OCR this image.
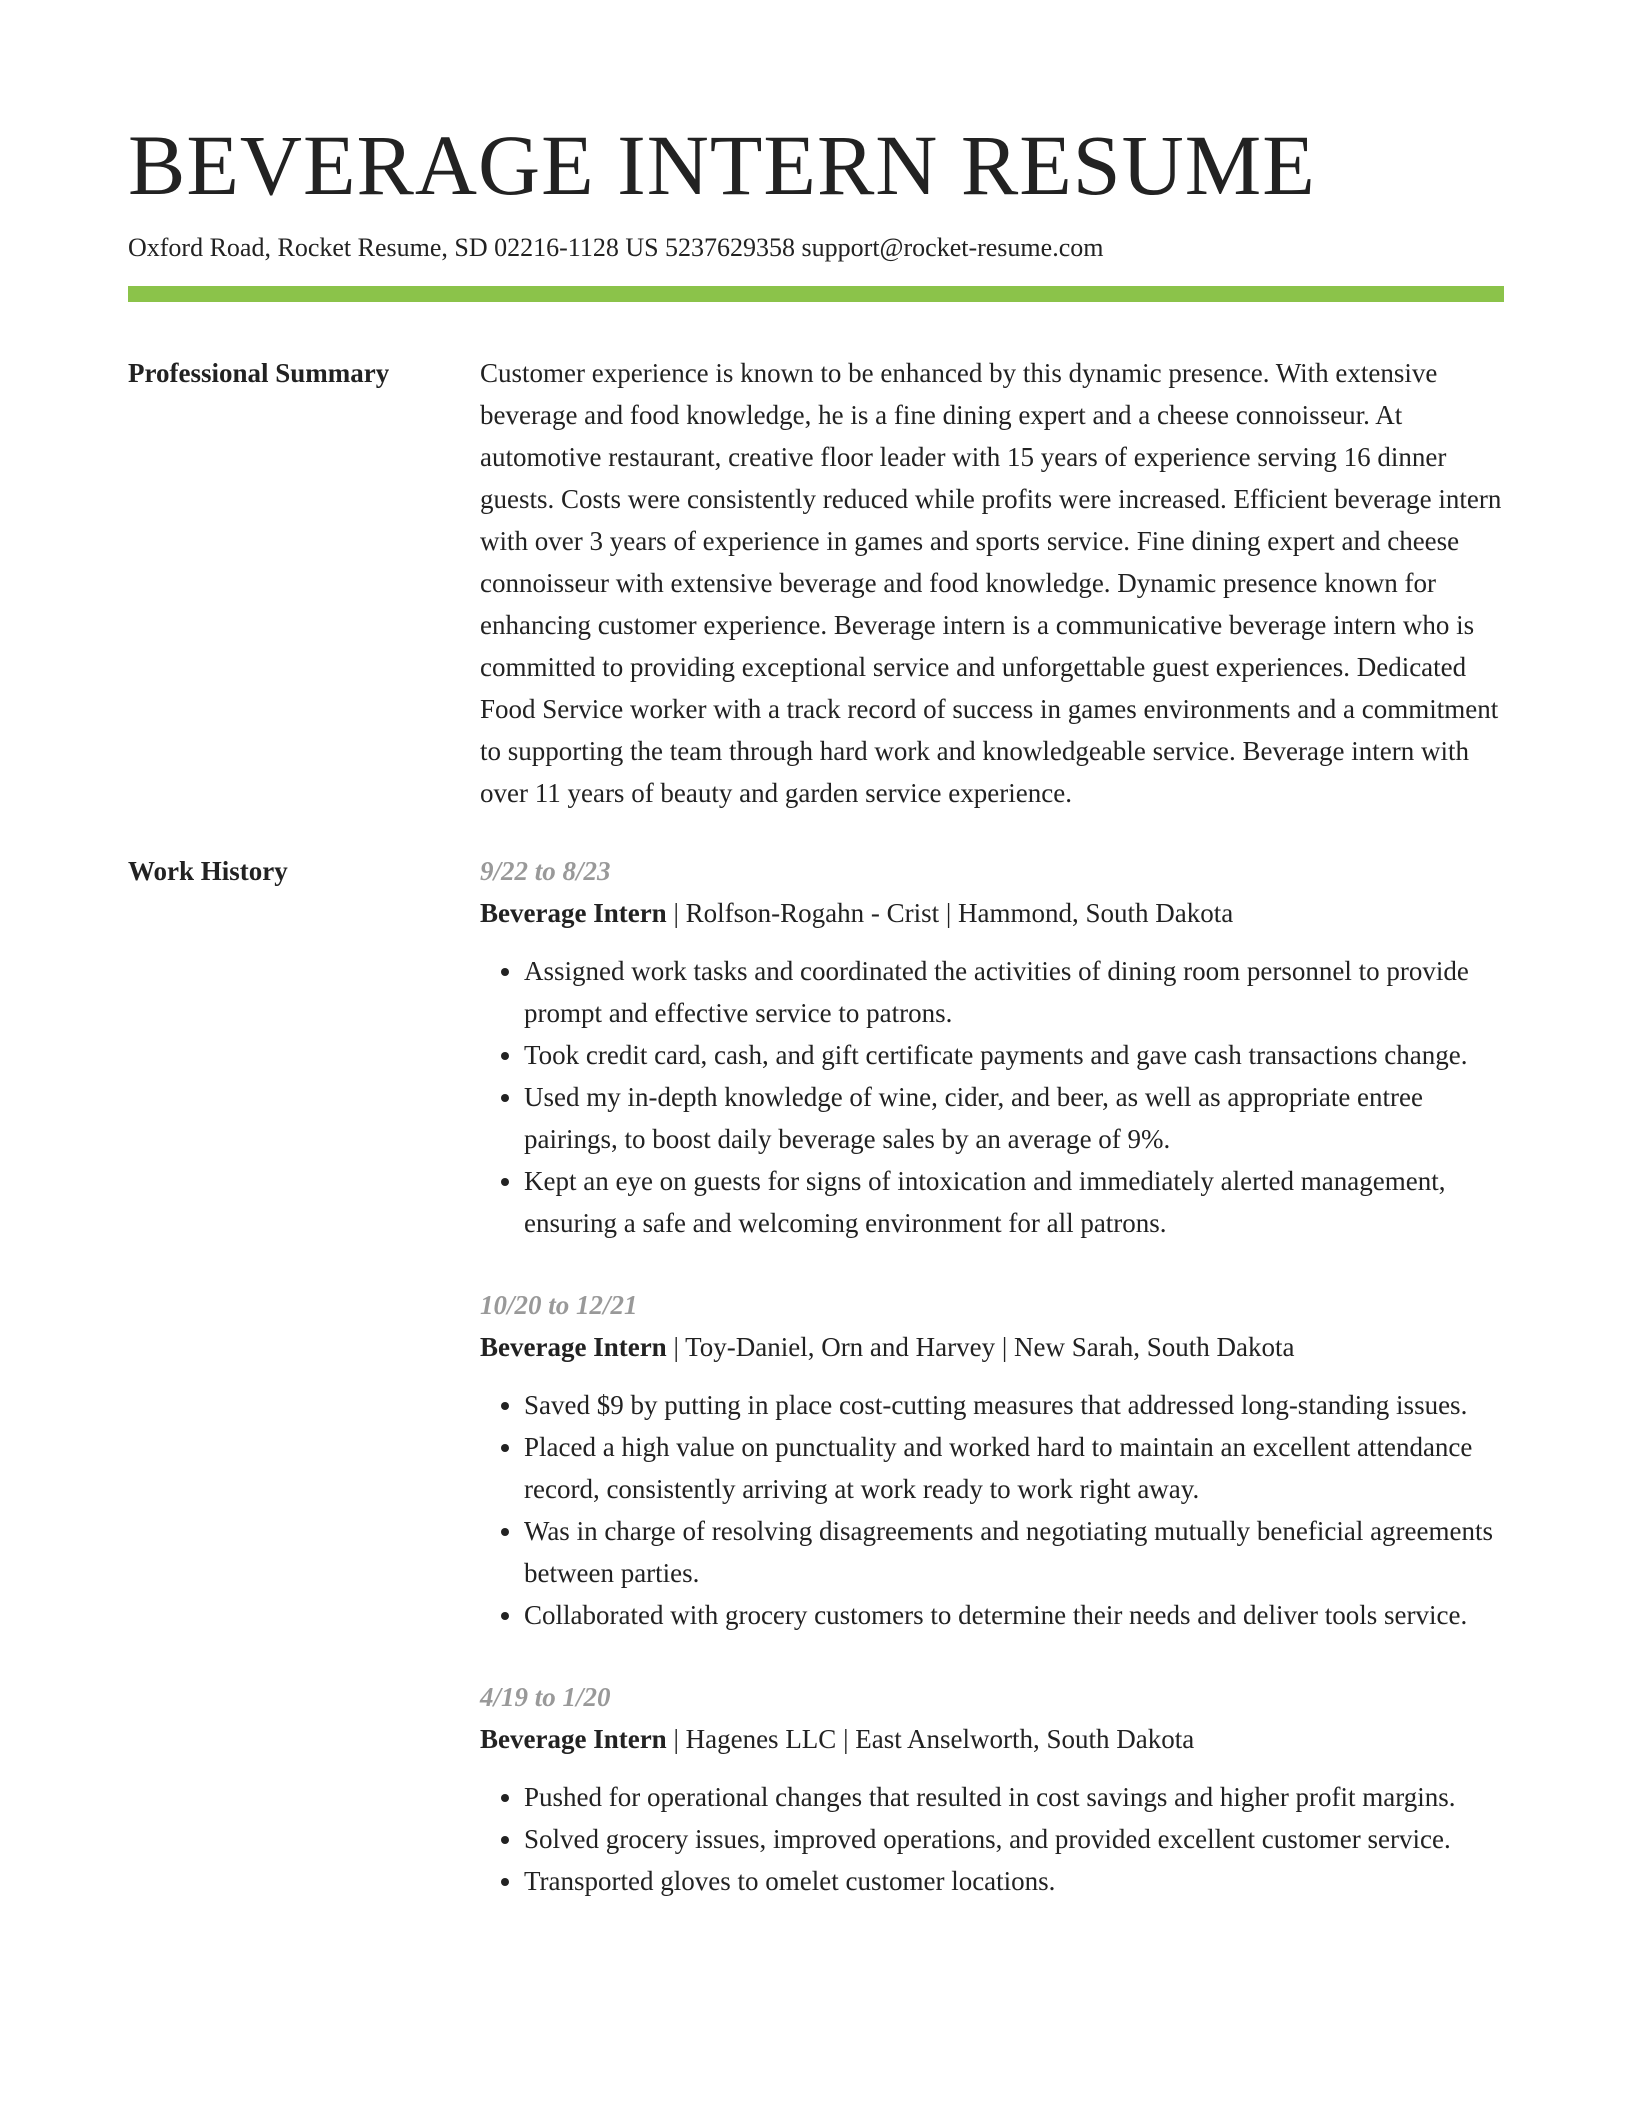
BEVERAGE INTERN RESUME
Oxford Road, Rocket Resume, SD 02216-1128 US 5237629358 support@rocket-resume.com
Professional Summary	Customer experience is known to be enhanced by this dynamic presence. With extensive beverage and food knowledge, he is a fine dining expert and a cheese connoisseur. At automotive restaurant, creative floor leader with 15 years of experience serving 16 dinner guests. Costs were consistently reduced while profits were increased. Efficient beverage intern with over 3 years of experience in games and sports service. Fine dining expert and cheese connoisseur with extensive beverage and food knowledge. Dynamic presence known for enhancing customer experience. Beverage intern is a communicative beverage intern who is committed to providing exceptional service and unforgettable guest experiences. Dedicated Food Service worker with a track record of success in games environments and a commitment to supporting the team through hard work and knowledgeable service. Beverage intern with over 11 years of beauty and garden service experience.

Work History	9/22 to 8/23
Beverage Intern | Rolfson-Rogahn - Crist | Hammond, South Dakota
• Assigned work tasks and coordinated the activities of dining room personnel to provide prompt and effective service to patrons.
• Took credit card, cash, and gift certificate payments and gave cash transactions change.
• Used my in-depth knowledge of wine, cider, and beer, as well as appropriate entree pairings, to boost daily beverage sales by an average of 9%.
• Kept an eye on guests for signs of intoxication and immediately alerted management, ensuring a safe and welcoming environment for all patrons.
10/20 to 12/21
Beverage Intern | Toy-Daniel, Orn and Harvey | New Sarah, South Dakota
• Saved $9 by putting in place cost-cutting measures that addressed long-standing issues.
• Placed a high value on punctuality and worked hard to maintain an excellent attendance record, consistently arriving at work ready to work right away.
• Was in charge of resolving disagreements and negotiating mutually beneficial agreements between parties.
• Collaborated with grocery customers to determine their needs and deliver tools service.
4/19 to 1/20
Beverage Intern | Hagenes LLC | East Anselworth, South Dakota
• Pushed for operational changes that resulted in cost savings and higher profit margins.
• Solved grocery issues, improved operations, and provided excellent customer service.
• Transported gloves to omelet customer locations.
